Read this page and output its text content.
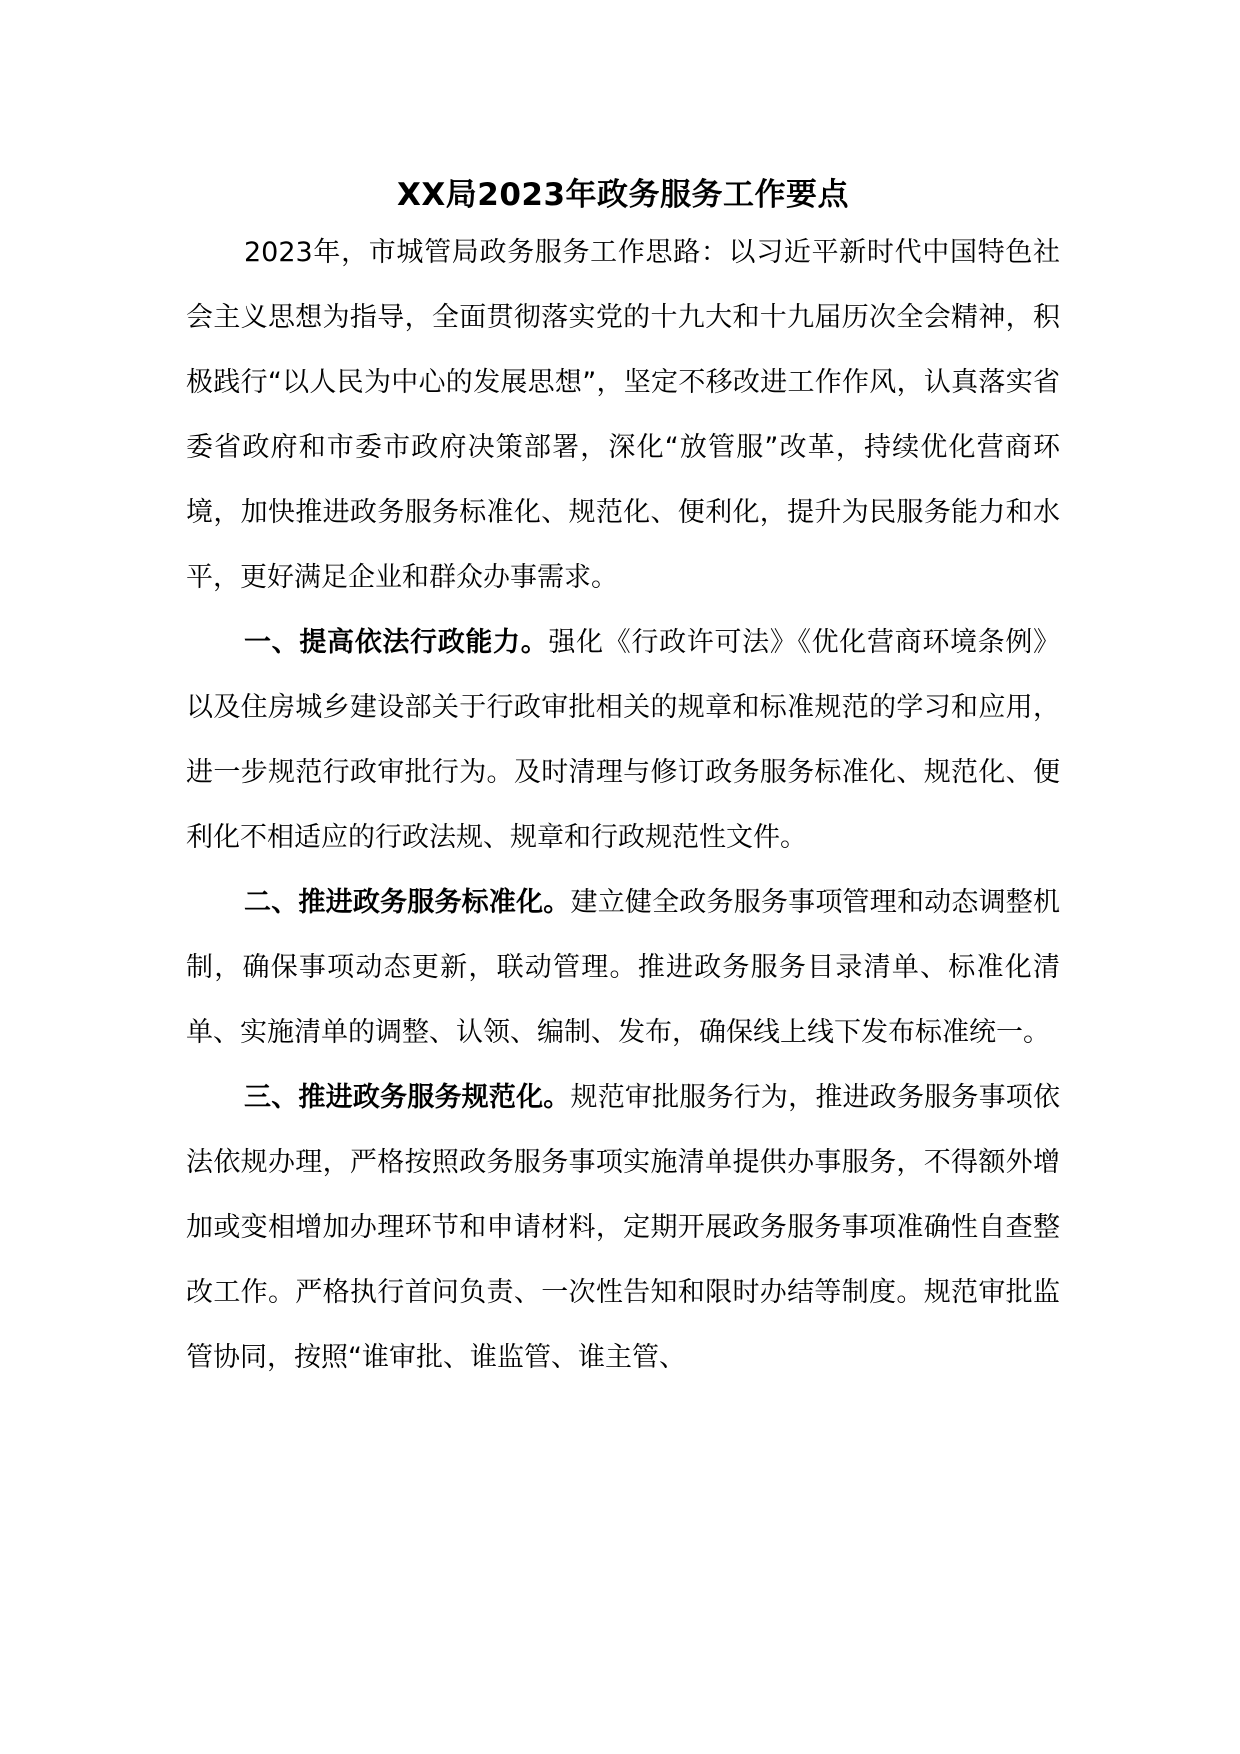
XX局2023年政务服务工作要点

2023年，市城管局政务服务工作思路：以习近平新时代中国特色社会主义思想为指导，全面贯彻落实党的十九大和十九届历次全会精神，积极践行“以人民为中心的发展思想”，坚定不移改进工作作风，认真落实省委省政府和市委市政府决策部署，深化“放管服”改革，持续优化营商环境，加快推进政务服务标准化、规范化、便利化，提升为民服务能力和水平，更好满足企业和群众办事需求。

一、提高依法行政能力。强化《行政许可法》《优化营商环境条例》以及住房城乡建设部关于行政审批相关的规章和标准规范的学习和应用，进一步规范行政审批行为。及时清理与修订政务服务标准化、规范化、便利化不相适应的行政法规、规章和行政规范性文件。

二、推进政务服务标准化。建立健全政务服务事项管理和动态调整机制，确保事项动态更新，联动管理。推进政务服务目录清单、标准化清单、实施清单的调整、认领、编制、发布，确保线上线下发布标准统一。

三、推进政务服务规范化。规范审批服务行为，推进政务服务事项依法依规办理，严格按照政务服务事项实施清单提供办事服务，不得额外增加或变相增加办理环节和申请材料，定期开展政务服务事项准确性自查整改工作。严格执行首问负责、一次性告知和限时办结等制度。规范审批监管协同，按照“谁审批、谁监管、谁主管、
